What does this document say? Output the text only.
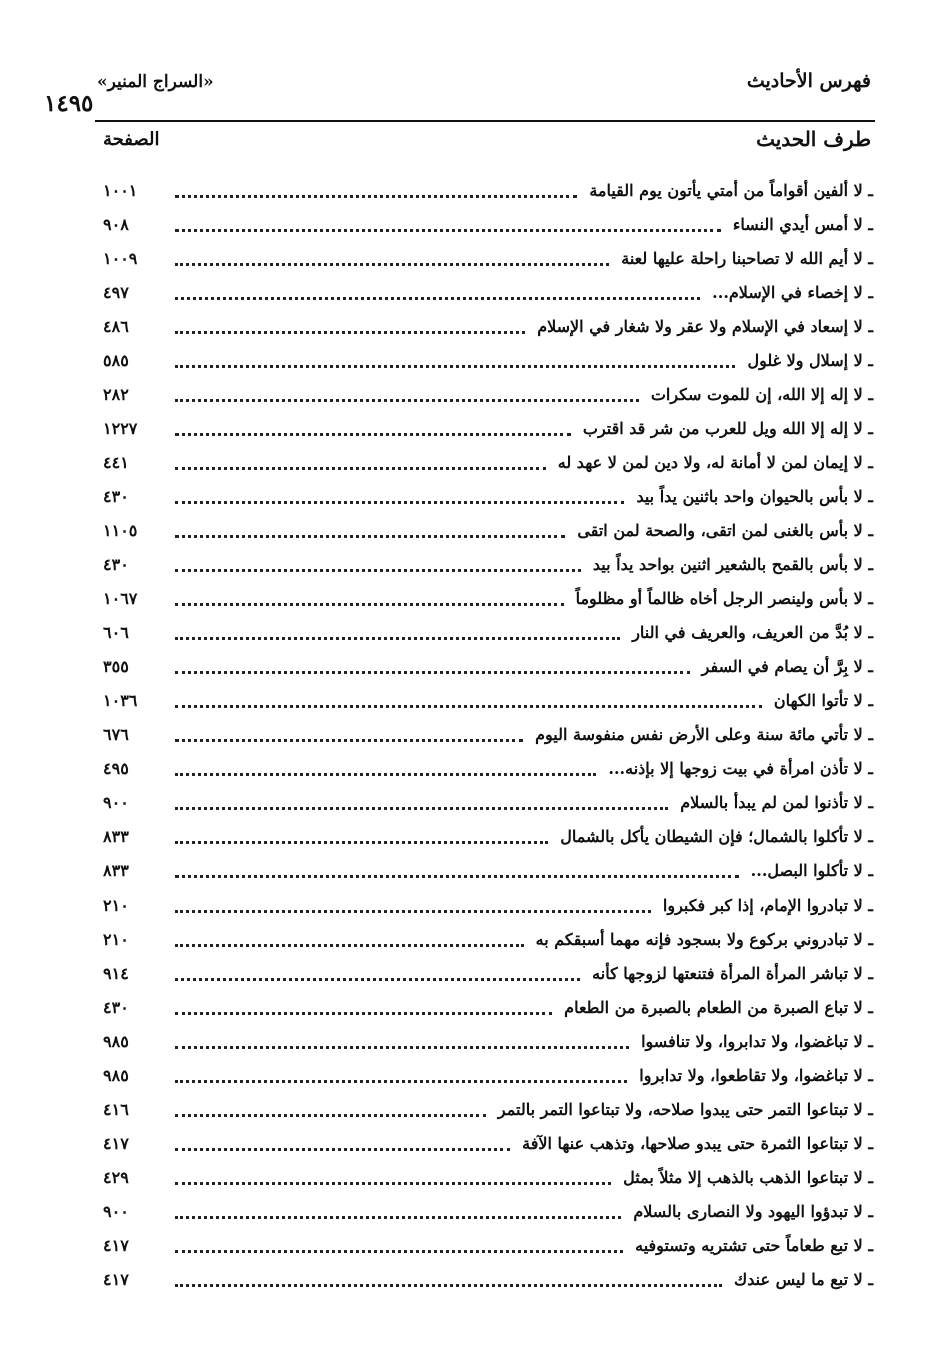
«السراج المنير»
١٤٩٥
فهرس الأحاديث
الصفحة	طرف الحديث
ـ لا ألفين أقواماً من أمتي يأتون يوم القيامة
١٠٠١
ـ لا أمس أيدي النساء
٩٠٨
ـ لا أيم الله لا تصاحبنا راحلة عليها لعنة
١٠٠٩
ـ لا إخصاء في الإسلام...
٤٩٧
ـ لا إسعاد في الإسلام ولا عقر ولا شغار في الإسلام
٤٨٦
ـ لا إسلال ولا غلول
٥٨٥
ـ لا إله إلا الله، إن للموت سكرات
٢٨٢
ـ لا إله إلا الله ويل للعرب من شر قد اقترب
١٢٢٧
ـ لا إيمان لمن لا أمانة له، ولا دين لمن لا عهد له
٤٤١
ـ لا بأس بالحيوان واحد باثنين يداً بيد
٤٣٠
ـ لا بأس بالغنى لمن اتقى، والصحة لمن اتقى
١١٠٥
ـ لا بأس بالقمح بالشعير اثنين بواحد يداً بيد
٤٣٠
ـ لا بأس ولينصر الرجل أخاه ظالماً أو مظلوماً
١٠٦٧
ـ لا بُدَّ من العريف، والعريف في النار
٦٠٦
ـ لا بِرَّ أن يصام في السفر
٣٥٥
ـ لا تأتوا الكهان
١٠٣٦
ـ لا تأتي مائة سنة وعلى الأرض نفس منفوسة اليوم
٦٧٦
ـ لا تأذن امرأة في بيت زوجها إلا بإذنه...
٤٩٥
ـ لا تأذنوا لمن لم يبدأ بالسلام
٩٠٠
ـ لا تأكلوا بالشمال؛ فإن الشيطان يأكل بالشمال
٨٣٣
ـ لا تأكلوا البصل...
٨٣٣
ـ لا تبادروا الإمام، إذا كبر فكبروا
٢١٠
ـ لا تبادروني بركوع ولا بسجود فإنه مهما أسبقكم به
٢١٠
ـ لا تباشر المرأة المرأة فتنعتها لزوجها كأنه
٩١٤
ـ لا تباع الصبرة من الطعام بالصبرة من الطعام
٤٣٠
ـ لا تباغضوا، ولا تدابروا، ولا تنافسوا
٩٨٥
ـ لا تباغضوا، ولا تقاطعوا، ولا تدابروا
٩٨٥
ـ لا تبتاعوا التمر حتى يبدوا صلاحه، ولا تبتاعوا التمر بالتمر
٤١٦
ـ لا تبتاعوا الثمرة حتى يبدو صلاحها، وتذهب عنها الآفة
٤١٧
ـ لا تبتاعوا الذهب بالذهب إلا مثلاً بمثل
٤٢٩
ـ لا تبدؤوا اليهود ولا النصارى بالسلام
٩٠٠
ـ لا تبع طعاماً حتى تشتريه وتستوفيه
٤١٧
ـ لا تبع ما ليس عندك
٤١٧
